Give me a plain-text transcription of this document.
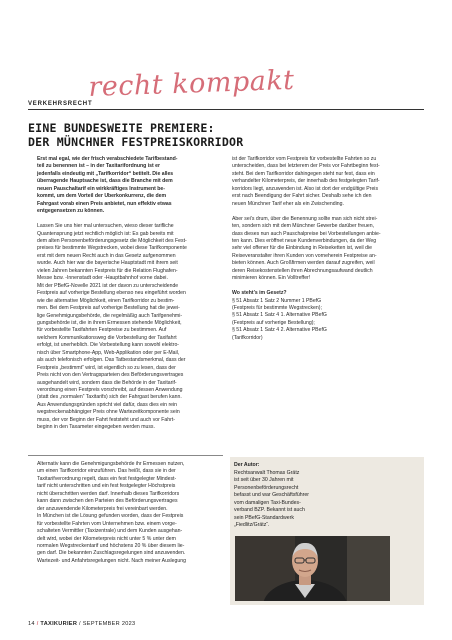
VERKEHRSRECHT
recht kompakt
EINE BUNDESWEITE PREMIERE:
DER MÜNCHNER FESTPREISKORRIDOR

Erst mal egal, wie der frisch verabschiedete Tarifbestand-

teil zu benennen ist – in der Taxitarifordnung ist er

jedenfalls eindeutig mit „Tarifkorridor“ betitelt. Die alles

überragende Hauptsache ist, dass die Branche mit dem

neuen Pauschaltarif ein wirkkräftiges Instrument be-

kommt, um dem Vorteil der Uberkonkurrenz, die dem

Fahrgast vorab einen Preis anbietet, nun effektiv etwas

entgegensetzen zu können.

Lassen Sie uns hier mal untersuchen, wieso dieser tarifliche

Quantensprung jetzt rechtlich möglich ist: Es gab bereits mit

dem alten Personenbeförderungsgesetz die Möglichkeit des Fest-

preises für bestimmte Wegstrecken, wobei diese Tarifkomponente

erst mit dem neuen Recht auch in das Gesetz aufgenommen

wurde. Auch hier war die bayerische Hauptstadt mit ihrem seit

vielen Jahren bekannten Festpreis für die Relation Flughafen-

Messe bzw. -Innenstadt oder -Hauptbahnhof vorne dabei.

Mit der PBefG-Novelle 2021 ist der davon zu unterscheidende

Festpreis auf vorherige Bestellung ebenso neu eingeführt worden

wie die alternative Möglichkeit, einen Tarifkorridor zu bestim-

men. Bei dem Festpreis auf vorherige Bestellung hat die jewei-

lige Genehmigungsbehörde, die regelmäßig auch Tarifgenehmi-

gungsbehörde ist, die in ihrem Ermessen stehende Möglichkeit,

für vorbestellte Taxifahrten Festpreise zu bestimmen. Auf

welchem Kommunikationsweg die Vorbestellung der Taxifahrt

erfolgt, ist unerheblich. Die Vorbestellung kann sowohl elektro-

nisch über Smartphone-App, Web-Applikation oder per E-Mail,

als auch telefonisch erfolgen. Das Tatbestandsmerkmal, dass der

Festpreis „bestimmt“ wird, ist eigentlich so zu lesen, dass der

Preis nicht von den Vertragsparteien des Beförderungsvertrages

ausgehandelt wird, sondern dass die Behörde in der Taxitarif-

verordnung einen Festpreis vorschreibt, auf dessen Anwendung

(statt des „normalen“ Taxitarifs) sich der Fahrgast berufen kann.

Aus Anwendungsgründen spricht viel dafür, dass dies ein rein

wegstreckenabhängiger Preis ohne Wartezeitkomponente sein

muss, der vor Beginn der Fahrt feststeht und auch vor Fahrt-

beginn in den Taxameter eingegeben werden muss.

Alternativ kann die Genehmigungsbehörde ihr Ermessen nutzen,

um einen Tarifkorridor einzuführen. Das heißt, dass sie in der

Taxitarifverordnung regelt, dass ein fest festgelegter Mindest-

tarif nicht unterschritten und ein fest festgelegter Höchstpreis

nicht überschritten werden darf. Innerhalb dieses Tarifkorridors

kann dann zwischen den Parteien des Beförderungsvertrages

der anzuwendende Kilometerpreis frei vereinbart werden.

In München ist die Lösung gefunden worden, dass der Festpreis

für vorbestellte Fahrten vom Unternehmen bzw. einem vorge-

schalteten Vermittler (Taxizentrale) und dem Kunden ausgehan-

delt wird, wobei der Kilometerpreis nicht unter 5 % unter dem

normalen Wegstreckentarif und höchstens 20 % über diesem lie-

gen darf. Die bekannten Zuschlagsregelungen sind anzuwenden.

Wartezeit- und Anfahrtsregelungen nicht. Nach meiner Auslegung

ist der Tarifkorridor vom Festpreis für vorbestellte Fahrten so zu

unterscheiden, dass bei letzterem der Preis vor Fahrtbeginn fest-

steht. Bei dem Tarifkorridor dahingegen steht nur fest, dass ein

verhandelter Kilometerpreis, der innerhalb des festgelegten Tarif-

korridors liegt, anzuwenden ist. Also ist dort der endgültige Preis

erst nach Beendigung der Fahrt sicher. Deshalb sehe ich den

neuen Münchner Tarif eher als ein Zwischending.

Aber sei’s drum, über die Benennung sollte man sich nicht strei-

ten, sondern sich mit dem Münchner Gewerbe darüber freuen,

dass dieses nun auch Pauschalpreise bei Vorbestellungen anbie-

ten kann. Dies eröffnet neue Kundenverbindungen, da der Weg

sehr viel offener für die Einbindung in Reiseketten ist, weil die

Reiseveranstalter ihren Kunden von vorneherein Festpreise an-

bieten können. Auch Großfirmen werden darauf zugreifen, weil

deren Reisekostenstellen ihren Abrechnungsaufwand deutlich

minimieren können. Ein Volltreffer!

Wo steht’s im Gesetz?

§ 51 Absatz 1 Satz 2 Nummer 1 PBefG

(Festpreis für bestimmte Wegstrecken);

§ 51 Absatz 1 Satz 4 1. Alternative PBefG

(Festpreis auf vorherige Bestellung);

§ 51 Absatz 1 Satz 4 2. Alternative PBefG

(Tarifkorridor)

Der Autor:

Rechtsanwalt Thomas Grätz

ist seit über 30 Jahren mit

Personenbeförderungsrecht

befasst und war Geschäftsführer

vom damaligen Taxi-Bundes-

verband BZP. Bekannt ist auch

sein PBefG-Standardwerk

„Fiedlitz/Grätz“.

14 / TAXIKURIER / SEPTEMBER 2023
